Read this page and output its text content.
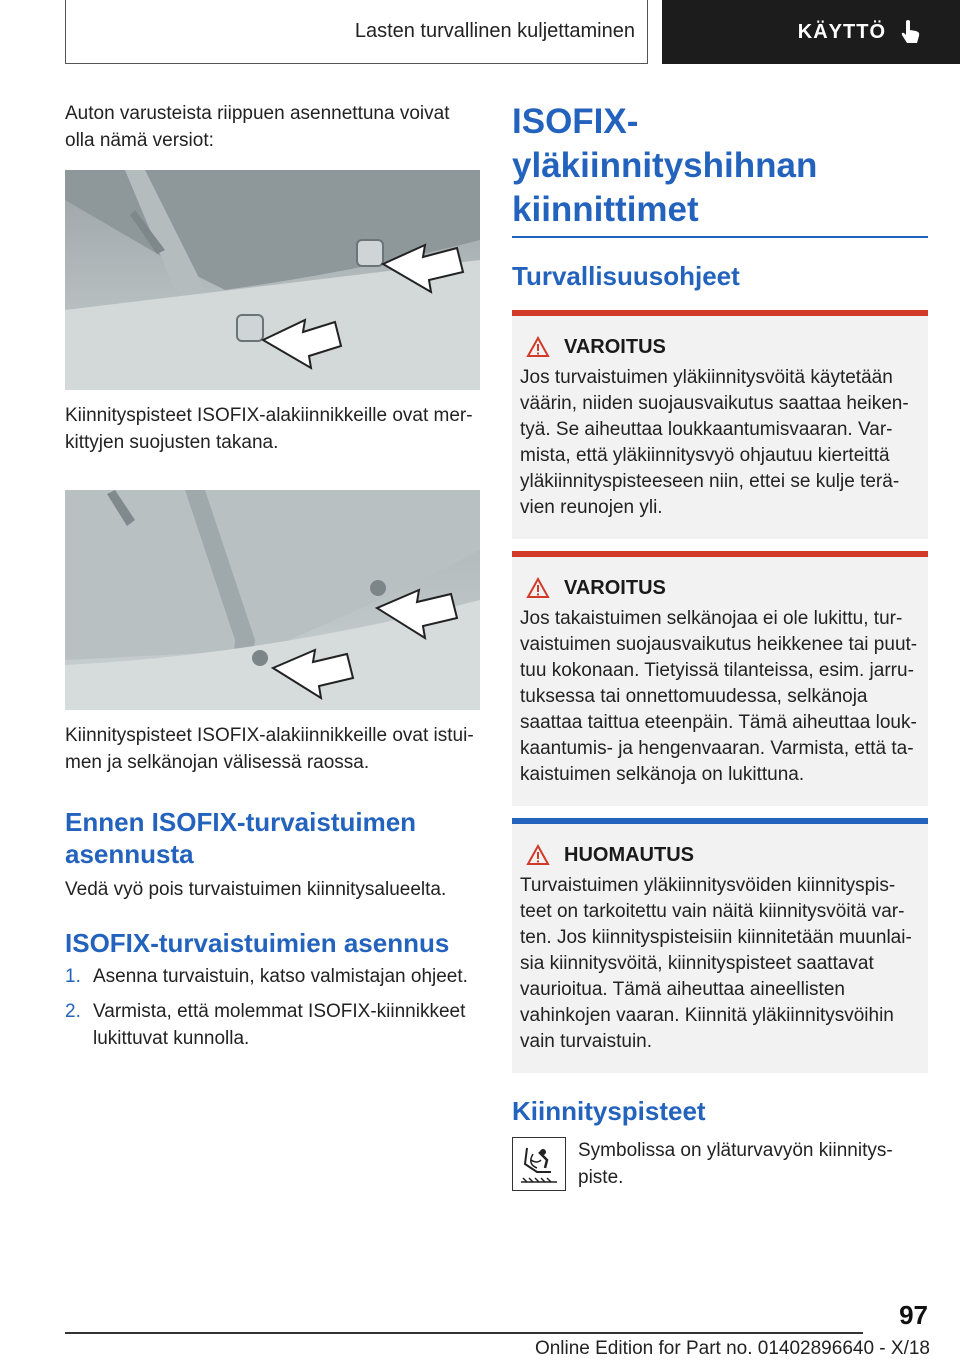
Lasten turvallinen kuljettaminen	KÄYTTÖ

Auton varusteista riippuen asennettuna voivat olla nämä versiot:

Kiinnityspisteet ISOFIX-alakiinnikkeille ovat merkittyjen suojusten takana.

Kiinnityspisteet ISOFIX-alakiinnikkeille ovat istuimen ja selkänojan välisessä raossa.

Ennen ISOFIX-turvaistuimen asennusta

Vedä vyö pois turvaistuimen kiinnitysalueelta.

ISOFIX-turvaistuimien asennus
1. Asenna turvaistuin, katso valmistajan ohjeet.
2. Varmista, että molemmat ISOFIX-kiinnikkeet lukittuvat kunnolla.
ISOFIX-yläkiinnityshihnan kiinnittimet
Turvallisuusohjeet
VAROITUS

Jos turvaistuimen yläkiinnitysvöitä käytetään väärin, niiden suojausvaikutus saattaa heikentyä. Se aiheuttaa loukkaantumisvaaran. Varmista, että yläkiinnitysvyö ohjautuu kierteittä yläkiinnityspisteeseen niin, ettei se kulje terävien reunojen yli.

VAROITUS

Jos takaistuimen selkänojaa ei ole lukittu, turvaistuimen suojausvaikutus heikkenee tai puuttuu kokonaan. Tietyissä tilanteissa, esim. jarrutuksessa tai onnettomuudessa, selkänoja saattaa taittua eteenpäin. Tämä aiheuttaa loukkaantumis- ja hengenvaaran. Varmista, että takaistuimen selkänoja on lukittuna.

HUOMAUTUS

Turvaistuimen yläkiinnitysvöiden kiinnityspisteet on tarkoitettu vain näitä kiinnitysvöitä varten. Jos kiinnityspisteisiin kiinnitetään muunlaisia kiinnitysvöitä, kiinnityspisteet saattavat vaurioitua. Tämä aiheuttaa aineellisten vahinkojen vaaran. Kiinnitä yläkiinnitysvöihin vain turvaistuin.

Kiinnityspisteet

Symbolissa on yläturvavyön kiinnityspiste.

97
Online Edition for Part no. 01402896640 - X/18
